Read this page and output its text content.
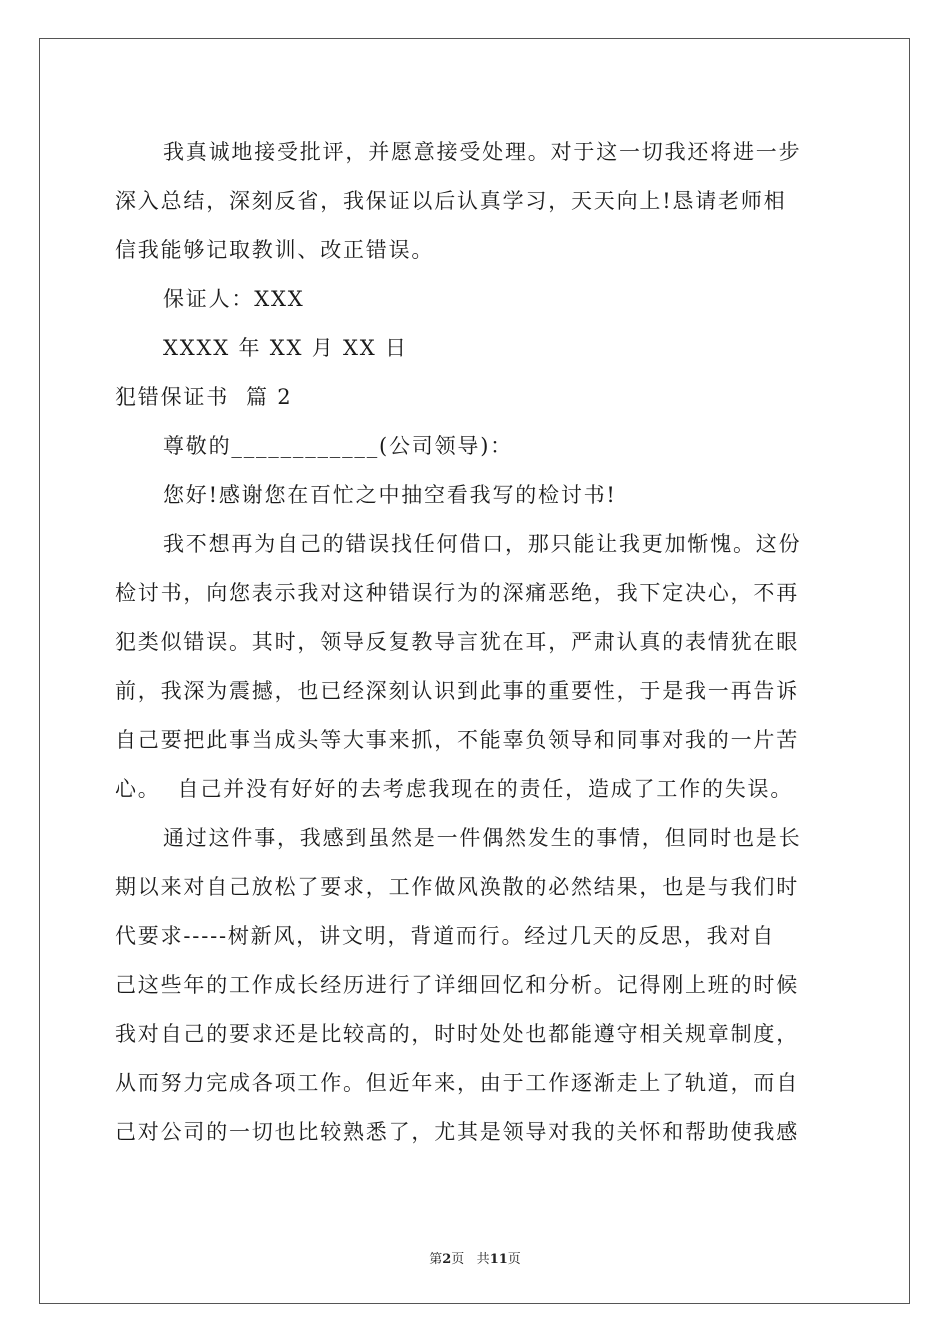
我真诚地接受批评，并愿意接受处理。对于这一切我还将进一步
深入总结，深刻反省，我保证以后认真学习，天天向上!恳请老师相
信我能够记取教训、改正错误。
保证人：XXX
XXXX 年 XX 月 XX 日
犯错保证书  篇 2
尊敬的____________(公司领导)：
您好!感谢您在百忙之中抽空看我写的检讨书!
我不想再为自己的错误找任何借口，那只能让我更加惭愧。这份
检讨书，向您表示我对这种错误行为的深痛恶绝，我下定决心，不再
犯类似错误。其时，领导反复教导言犹在耳，严肃认真的表情犹在眼
前，我深为震撼，也已经深刻认识到此事的重要性，于是我一再告诉
自己要把此事当成头等大事来抓，不能辜负领导和同事对我的一片苦
心。  自己并没有好好的去考虑我现在的责任，造成了工作的失误。
通过这件事，我感到虽然是一件偶然发生的事情，但同时也是长
期以来对自己放松了要求，工作做风涣散的必然结果，也是与我们时
代要求-----树新风，讲文明，背道而行。经过几天的反思，我对自
己这些年的工作成长经历进行了详细回忆和分析。记得刚上班的时候
我对自己的要求还是比较高的，时时处处也都能遵守相关规章制度，
从而努力完成各项工作。但近年来，由于工作逐渐走上了轨道，而自
己对公司的一切也比较熟悉了，尤其是领导对我的关怀和帮助使我感
第2页 共11页
